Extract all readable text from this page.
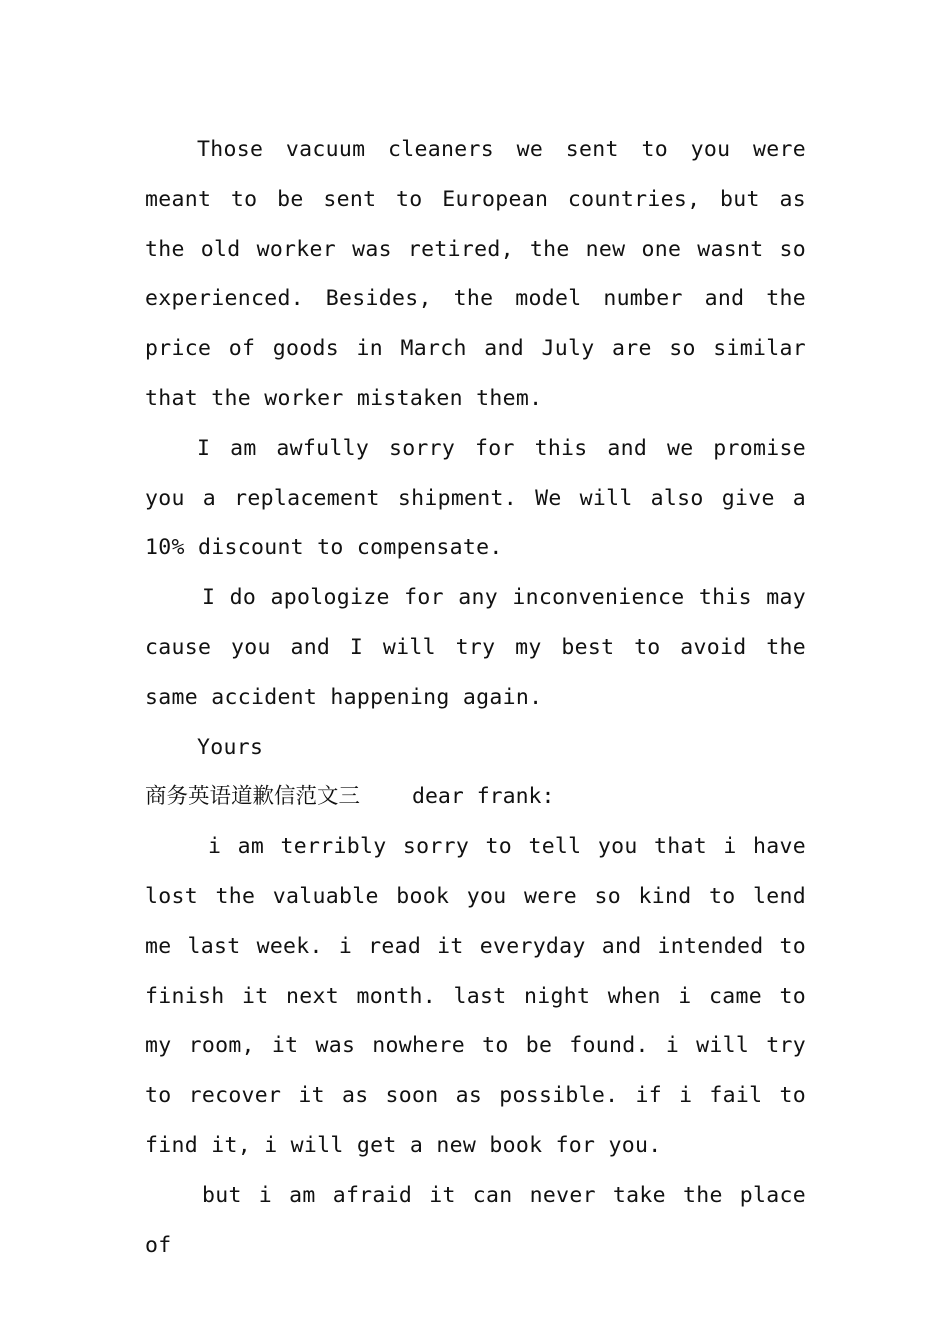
Those vacuum cleaners we sent to you were meant to be sent to European countries, but as the old worker was retired, the new one wasnt so experienced. Besides, the model number and the price of goods in March and July are so similar that the worker mistaken them.

I am awfully sorry for this and we promise you a replacement shipment. We will also give a 10% discount to compensate.

I do apologize for any inconvenience this may cause you and I will try my best to avoid the same accident happening again.

Yours

商务英语道歉信范文三 dear frank:

i am terribly sorry to tell you that i have lost the valuable book you were so kind to lend me last week. i read it everyday and intended to finish it next month. last night when i came to my room, it was nowhere to be found. i will try to recover it as soon as possible. if i fail to find it, i will get a new book for you.

but i am afraid it can never take the place of
